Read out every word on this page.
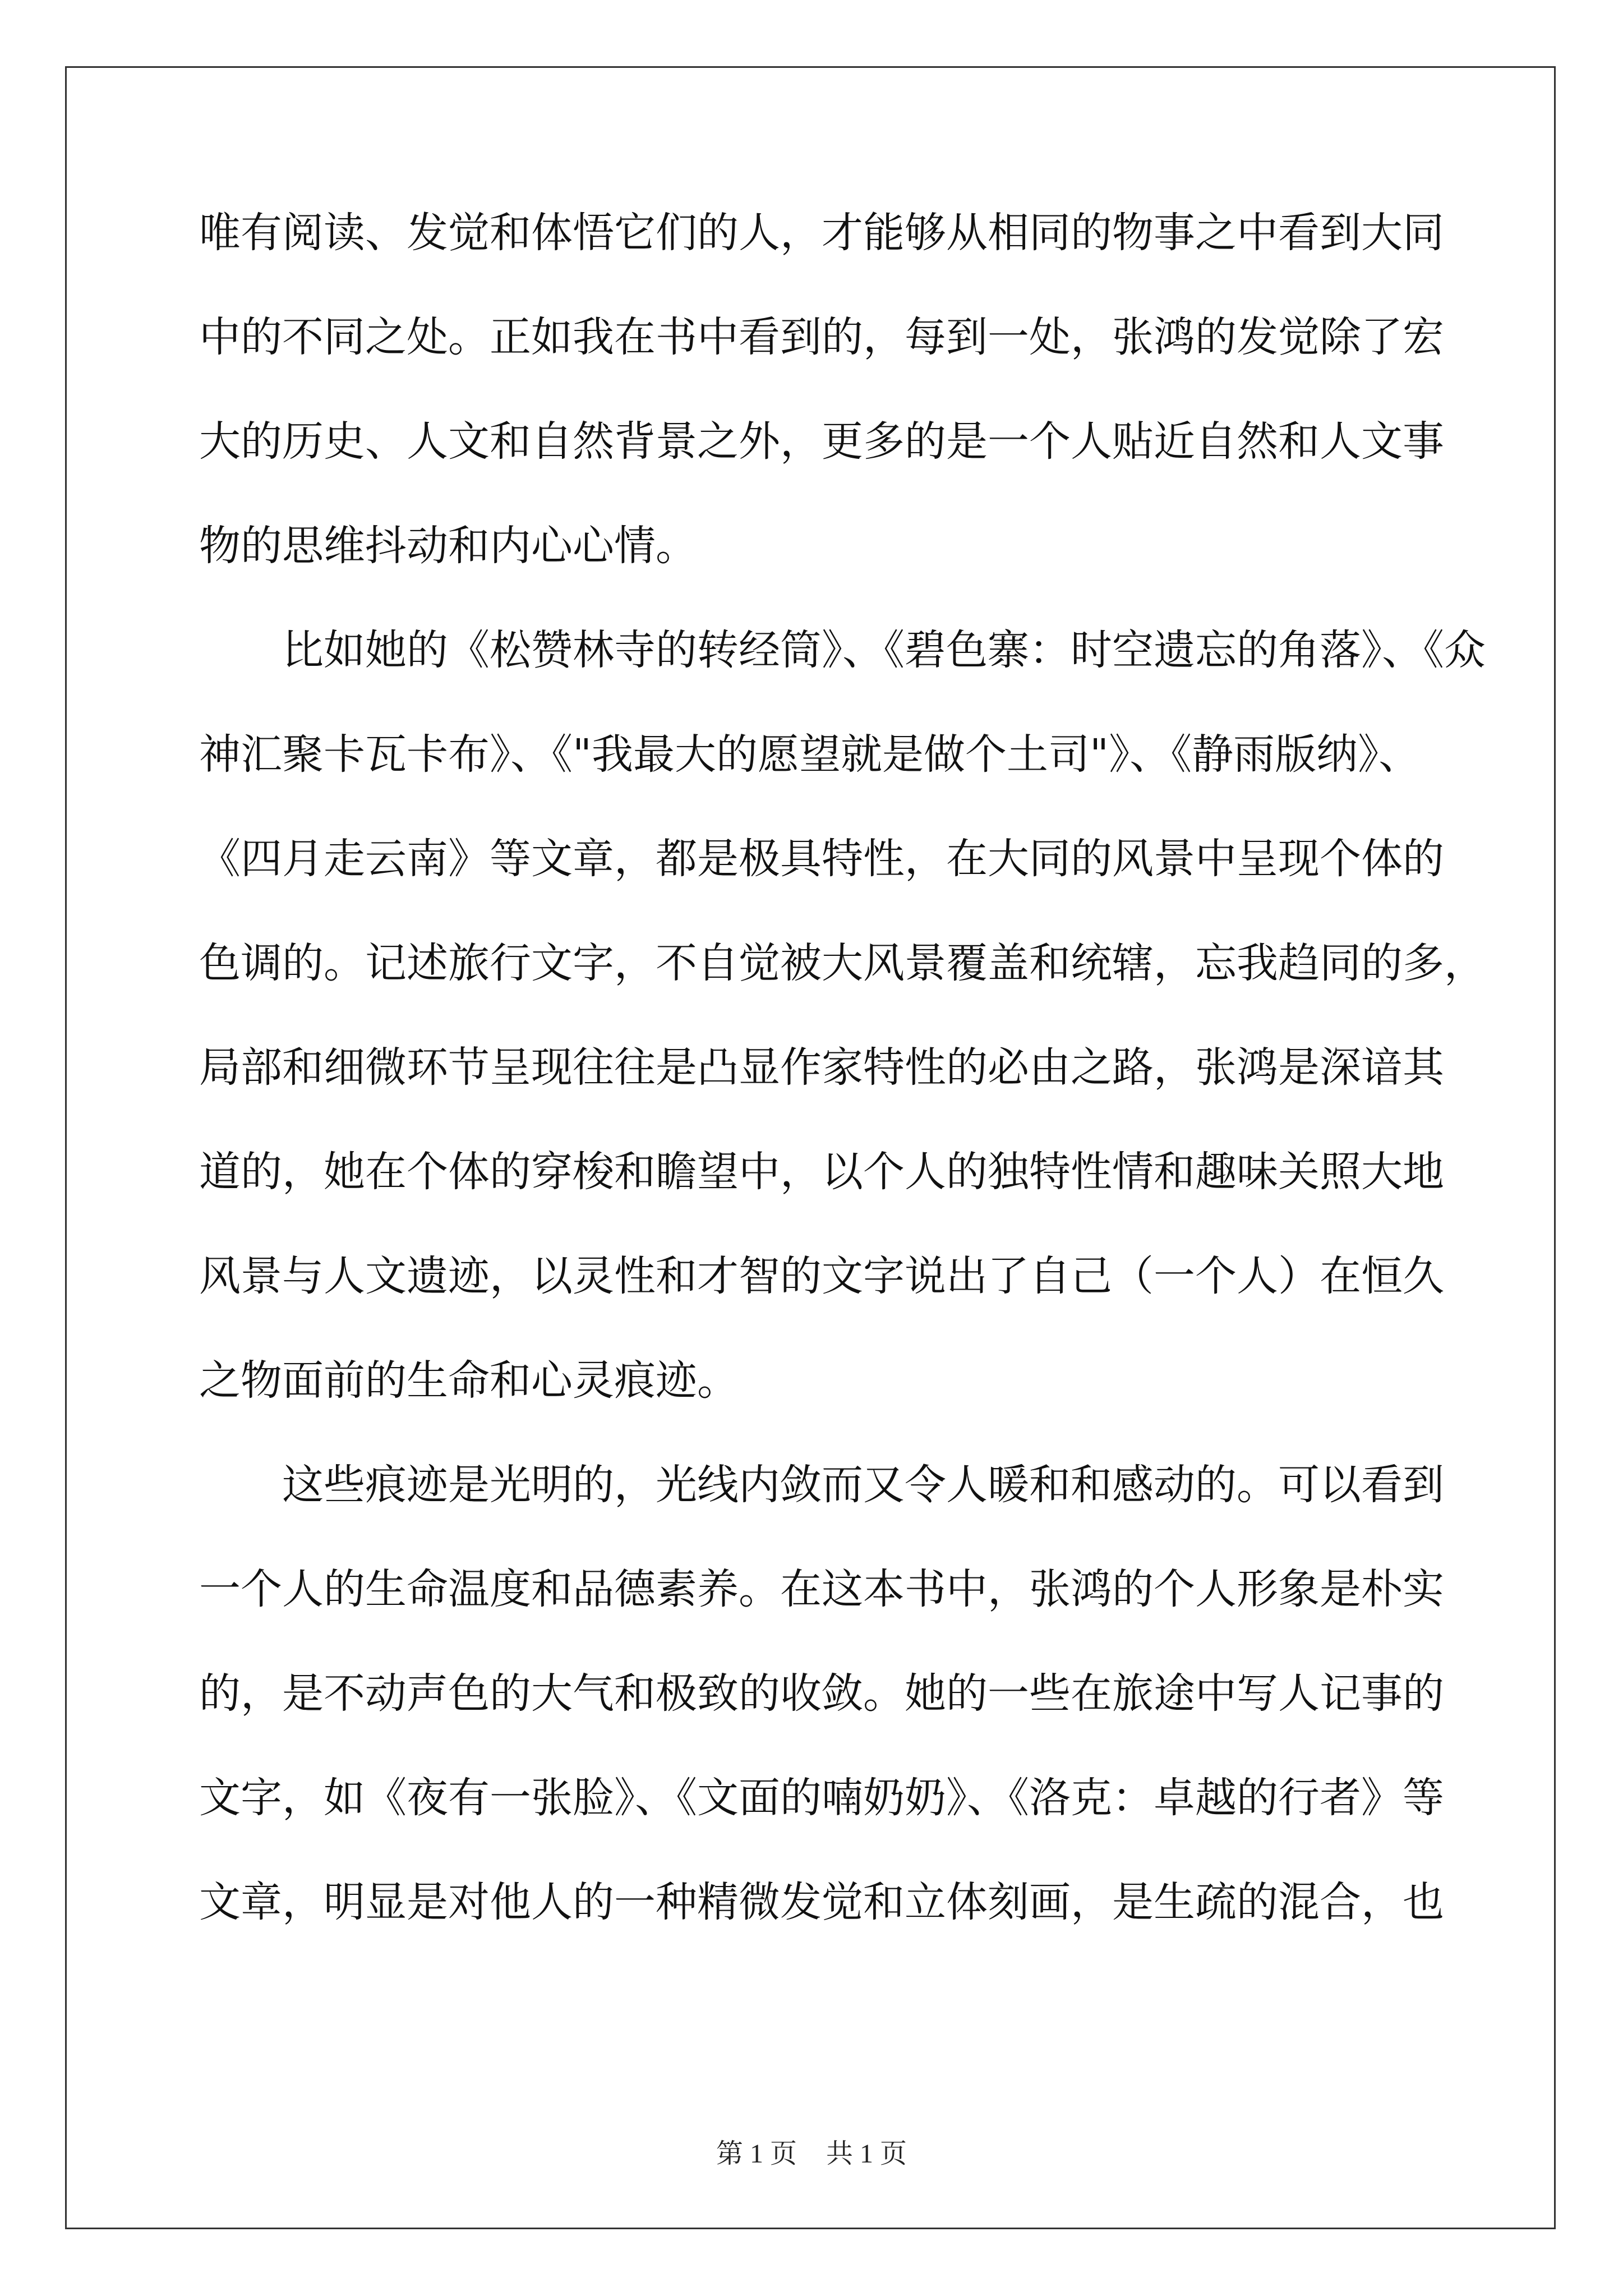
唯有阅读、发觉和体悟它们的人，才能够从相同的物事之中看到大同
中的不同之处。正如我在书中看到的，每到一处，张鸿的发觉除了宏
大的历史、人文和自然背景之外，更多的是一个人贴近自然和人文事
物的思维抖动和内心心情。
比如她的《松赞林寺的转经筒》、《碧色寨：时空遗忘的角落》、《众
神汇聚卡瓦卡布》、《"我最大的愿望就是做个土司"》、《静雨版纳》、
《四月走云南》等文章，都是极具特性，在大同的风景中呈现个体的
色调的。记述旅行文字，不自觉被大风景覆盖和统辖，忘我趋同的多，
局部和细微环节呈现往往是凸显作家特性的必由之路，张鸿是深谙其
道的，她在个体的穿梭和瞻望中，以个人的独特性情和趣味关照大地
风景与人文遗迹，以灵性和才智的文字说出了自己（一个人）在恒久
之物面前的生命和心灵痕迹。
这些痕迹是光明的，光线内敛而又令人暖和和感动的。可以看到
一个人的生命温度和品德素养。在这本书中，张鸿的个人形象是朴实
的，是不动声色的大气和极致的收敛。她的一些在旅途中写人记事的
文字，如《夜有一张脸》、《文面的喃奶奶》、《洛克：卓越的行者》等
文章，明显是对他人的一种精微发觉和立体刻画，是生疏的混合，也
第 1 页 共 1 页
